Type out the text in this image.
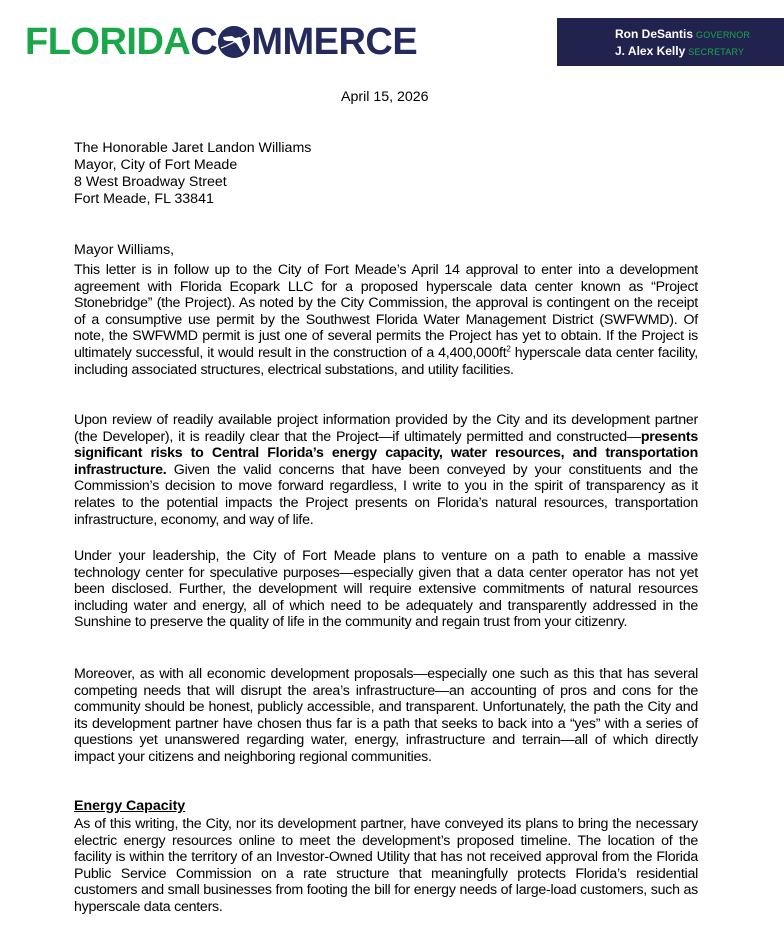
FLORIDA C MMERCE	Ron DeSantis GOVERNOR
J. Alex Kelly SECRETARY
April 15, 2026
The Honorable Jaret Landon Williams
Mayor, City of Fort Meade
8 West Broadway Street
Fort Meade, FL 33841
Mayor Williams,

This letter is in follow up to the City of Fort Meade’s April 14 approval to enter into a development agreement with Florida Ecopark LLC for a proposed hyperscale data center known as “Project Stonebridge” (the Project). As noted by the City Commission, the approval is contingent on the receipt of a consumptive use permit by the Southwest Florida Water Management District (SWFWMD). Of note, the SWFWMD permit is just one of several permits the Project has yet to obtain. If the Project is ultimately successful, it would result in the construction of a $4,400,000ft^2$ hyperscale data center facility, including associated structures, electrical substations, and utility facilities.

Upon review of readily available project information provided by the City and its development partner (the Developer), it is readily clear that the Project—if ultimately permitted and constructed—presents significant risks to Central Florida’s energy capacity, water resources, and transportation infrastructure. Given the valid concerns that have been conveyed by your constituents and the Commission’s decision to move forward regardless, I write to you in the spirit of transparency as it relates to the potential impacts the Project presents on Florida’s natural resources, transportation infrastructure, economy, and way of life.

Under your leadership, the City of Fort Meade plans to venture on a path to enable a massive technology center for speculative purposes—especially given that a data center operator has not yet been disclosed. Further, the development will require extensive commitments of natural resources including water and energy, all of which need to be adequately and transparently addressed in the Sunshine to preserve the quality of life in the community and regain trust from your citizenry.

Moreover, as with all economic development proposals—especially one such as this that has several competing needs that will disrupt the area’s infrastructure—an accounting of pros and cons for the community should be honest, publicly accessible, and transparent. Unfortunately, the path the City and its development partner have chosen thus far is a path that seeks to back into a “yes” with a series of questions yet unanswered regarding water, energy, infrastructure and terrain—all of which directly impact your citizens and neighboring regional communities.

Energy Capacity

As of this writing, the City, nor its development partner, have conveyed its plans to bring the necessary electric energy resources online to meet the development’s proposed timeline. The location of the facility is within the territory of an Investor-Owned Utility that has not received approval from the Florida Public Service Commission on a rate structure that meaningfully protects Florida’s residential customers and small businesses from footing the bill for energy needs of large-load customers, such as hyperscale data centers.
